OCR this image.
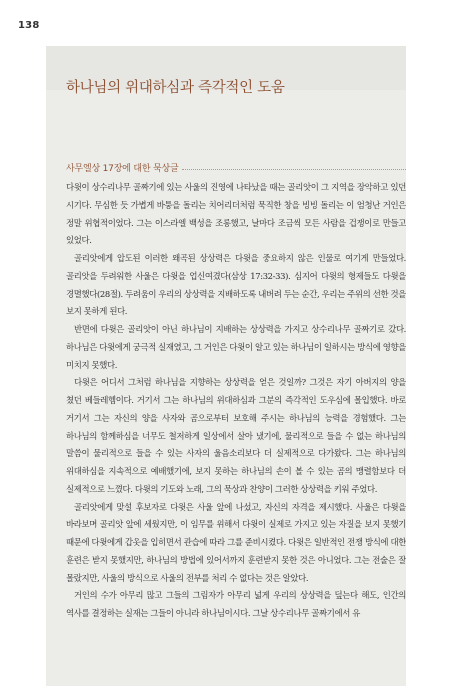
138
하나님의 위대하심과 즉각적인 도움
사무엘상 17장에 대한 묵상글

다윗이 상수리나무 골짜기에 있는 사울의 진영에 나타났을 때는 골리앗이 그 지역을 장악하고 있던 시기다. 무심한 듯 가볍게 바퉁을 돌리는 치어리더처럼 묵직한 창을 빙빙 돌리는 이 엄청난 거인은 정말 위협적이었다. 그는 이스라엘 백성을 조롱했고, 날마다 조금씩 모든 사람을 겁쟁이로 만들고 있었다.

골리앗에게 압도된 이러한 왜곡된 상상력은 다윗을 중요하지 않은 인물로 여기게 만들었다. 골리앗을 두려워한 사울은 다윗을 업신여겼다(삼상 17:32-33). 심지어 다윗의 형제들도 다윗을 경멸했다(28절). 두려움이 우리의 상상력을 지배하도록 내버려 두는 순간, 우리는 주위의 선한 것을 보지 못하게 된다.

반면에 다윗은 골리앗이 아닌 하나님이 지배하는 상상력을 가지고 상수리나무 골짜기로 갔다. 하나님은 다윗에게 궁극적 실재였고, 그 거인은 다윗이 알고 있는 하나님이 일하시는 방식에 영향을 미치지 못했다.

다윗은 어디서 그처럼 하나님을 지향하는 상상력을 얻은 것일까? 그것은 자기 아버지의 양을 쳤던 베들레헴이다. 거기서 그는 하나님의 위대하심과 그분의 즉각적인 도우심에 몰입했다. 바로 거기서 그는 자신의 양을 사자와 곰으로부터 보호해 주시는 하나님의 능력을 경험했다. 그는 하나님의 함께하심을 너무도 철저하게 일상에서 살아 냈기에, 물리적으로 들을 수 없는 하나님의 말씀이 물리적으로 들을 수 있는 사자의 울음소리보다 더 실제적으로 다가왔다. 그는 하나님의 위대하심을 지속적으로 예배했기에, 보지 못하는 하나님의 손이 볼 수 있는 곰의 맹렬함보다 더 실제적으로 느꼈다. 다윗의 기도와 노래, 그의 묵상과 찬양이 그러한 상상력을 키워 주었다.

골리앗에게 맞설 후보자로 다윗은 사울 앞에 나섰고, 자신의 자격을 제시했다. 사울은 다윗을 바라보며 골리앗 앞에 세웠지만, 이 임무를 위해서 다윗이 실제로 가지고 있는 자질을 보지 못했기 때문에 다윗에게 갑옷을 입히면서 관습에 따라 그를 준비시켰다. 다윗은 일반적인 전쟁 방식에 대한 훈련은 받지 못했지만, 하나님의 방법에 있어서까지 훈련받지 못한 것은 아니었다. 그는 전술은 잘 몰랐지만, 사울의 방식으로 사울의 전부를 처리 수 없다는 것은 알았다.

거인의 수가 아무리 많고 그들의 그림자가 아무리 넓게 우리의 상상력을 덮는다 해도, 인간의 역사를 결정하는 실재는 그들이 아니라 하나님이시다. 그날 상수리나무 골짜기에서 유
